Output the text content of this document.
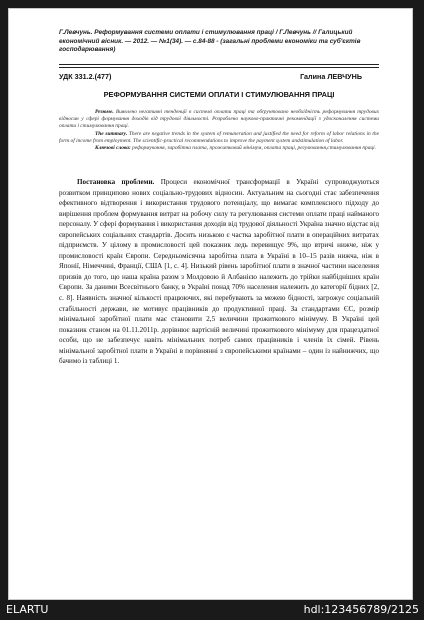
Г.Левчунь. Реформування системи оплати і стимулювання праці / Г.Левчунь // Галицький економічний вісник. — 2012. — №1(34). — с.84-88 - (загальні проблеми економіки та суб'єктів господарювання)
УДК 331.2.(477)	Галина ЛЕВЧУНЬ
РЕФОРМУВАННЯ СИСТЕМИ ОПЛАТИ І СТИМУЛЮВАННЯ ПРАЦІ

Резюме. Виявлено негативні тенденції в системі оплати праці та обґрунтовано необхідність реформування трудових відносин у сфері формування доходів від трудової діяльності. Розроблено науково-практичні рекомендації з удосконалення системи оплати і стимулювання праці.

The summary. There are negative trends in the system of remuneration and justified the need for reform of labor relations in the form of income from employment. The scientific-practical recommendations to improve the payment system andstimulation of labor.

Ключові слова: реформування, заробітна плата, прожитковий мінімум, оплата праці, регулювання,стимулювання праці.

Постановка проблеми. Процеси економічної трансформації в Україні супроводжуються розвитком принципово нових соціально-трудових відносин. Актуальним на сьогодні стає забезпечення ефективного відтворення і використання трудового потенціалу, що вимагає комплексного підходу до вирішення проблем формування витрат на робочу силу та регулювання системи оплати праці найманого персоналу. У сфері формування і використання доходів від трудової діяльності Україна значно відстає від європейських соціальних стандартів. Досить низькою є частка заробітної плати в операційних витратах підприємств. У цілому в промисловості цей показник ледь перевищує 9%, що втричі нижче, ніж у промисловості країн Європи. Середньомісячна заробітна плата в Україні в 10–15 разів нижча, ніж в Японії, Німеччині, Франції, США [1, с. 4]. Низький рівень заробітної плати в значної частини населення призвів до того, що наша країна разом з Молдовою й Албанією належить до трійки найбідніших країн Європи. За даними Всесвітнього банку, в Україні понад 70% населення належить до категорії бідних [2, с. 8]. Наявність значної кількості працюючих, які перебувають за межею бідності, загрожує соціальній стабільності держави, не мотивує працівників до продуктивної праці. За стандартами ЄС, розмір мінімальної заробітної плати має становити 2,5 величини прожиткового мінімуму. В Україні цей показник станом на 01.11.2011р. дорівнює вартісній величині прожиткового мінімуму для працездатної особи, що не забезпечує навіть мінімальних потреб самих працівників і членів їх сімей. Рівень мінімальної заробітної плати в Україні в порівнянні з європейськими країнами – один із найнижчих, що бачимо із таблиці 1.

ELARTU	hdl:123456789/2125
